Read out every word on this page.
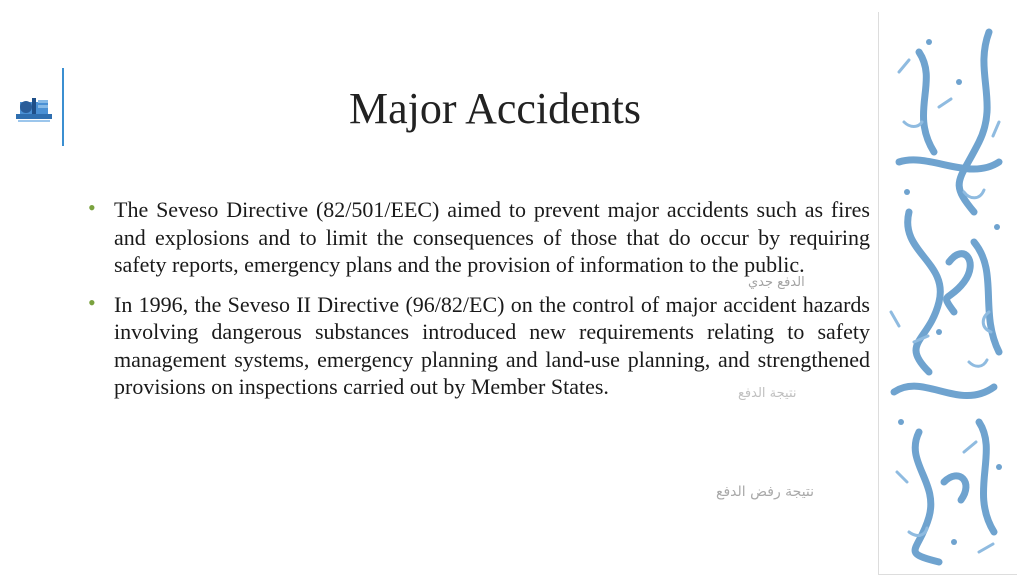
Major Accidents
• The Seveso Directive (82/501/EEC) aimed to prevent major accidents such as fires and explosions and to limit the consequences of those that do occur by requiring safety reports, emergency plans and the provision of information to the public.
• In 1996, the Seveso II Directive (96/82/EC) on the control of major accident hazards involving dangerous substances introduced new requirements relating to safety management systems, emergency planning and land-use planning, and strengthened provisions on inspections carried out by Member States.
الدفع جدي
نتيجة الدفع
نتيجة رفض الدفع
